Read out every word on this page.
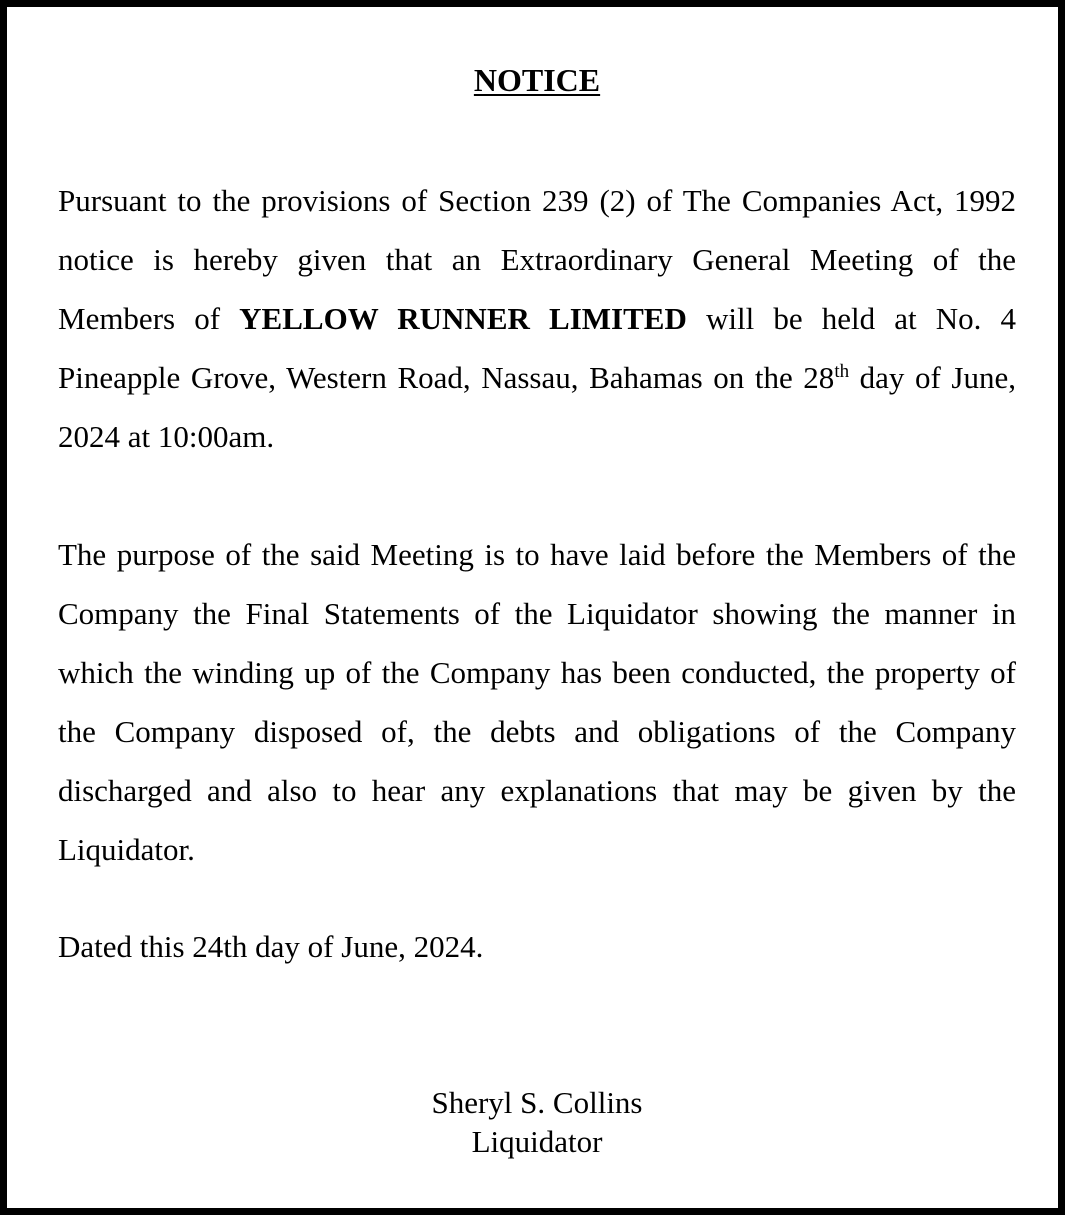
NOTICE

Pursuant to the provisions of Section 239 (2) of The Companies Act, 1992 notice is hereby given that an Extraordinary General Meeting of the Members of YELLOW RUNNER LIMITED will be held at No. 4 Pineapple Grove, Western Road, Nassau, Bahamas on the 28th day of June, 2024 at 10:00am.

The purpose of the said Meeting is to have laid before the Members of the Company the Final Statements of the Liquidator showing the manner in which the winding up of the Company has been conducted, the property of the Company disposed of, the debts and obligations of the Company discharged and also to hear any explanations that may be given by the Liquidator.

Dated this 24th day of June, 2024.
Sheryl S. Collins
Liquidator
